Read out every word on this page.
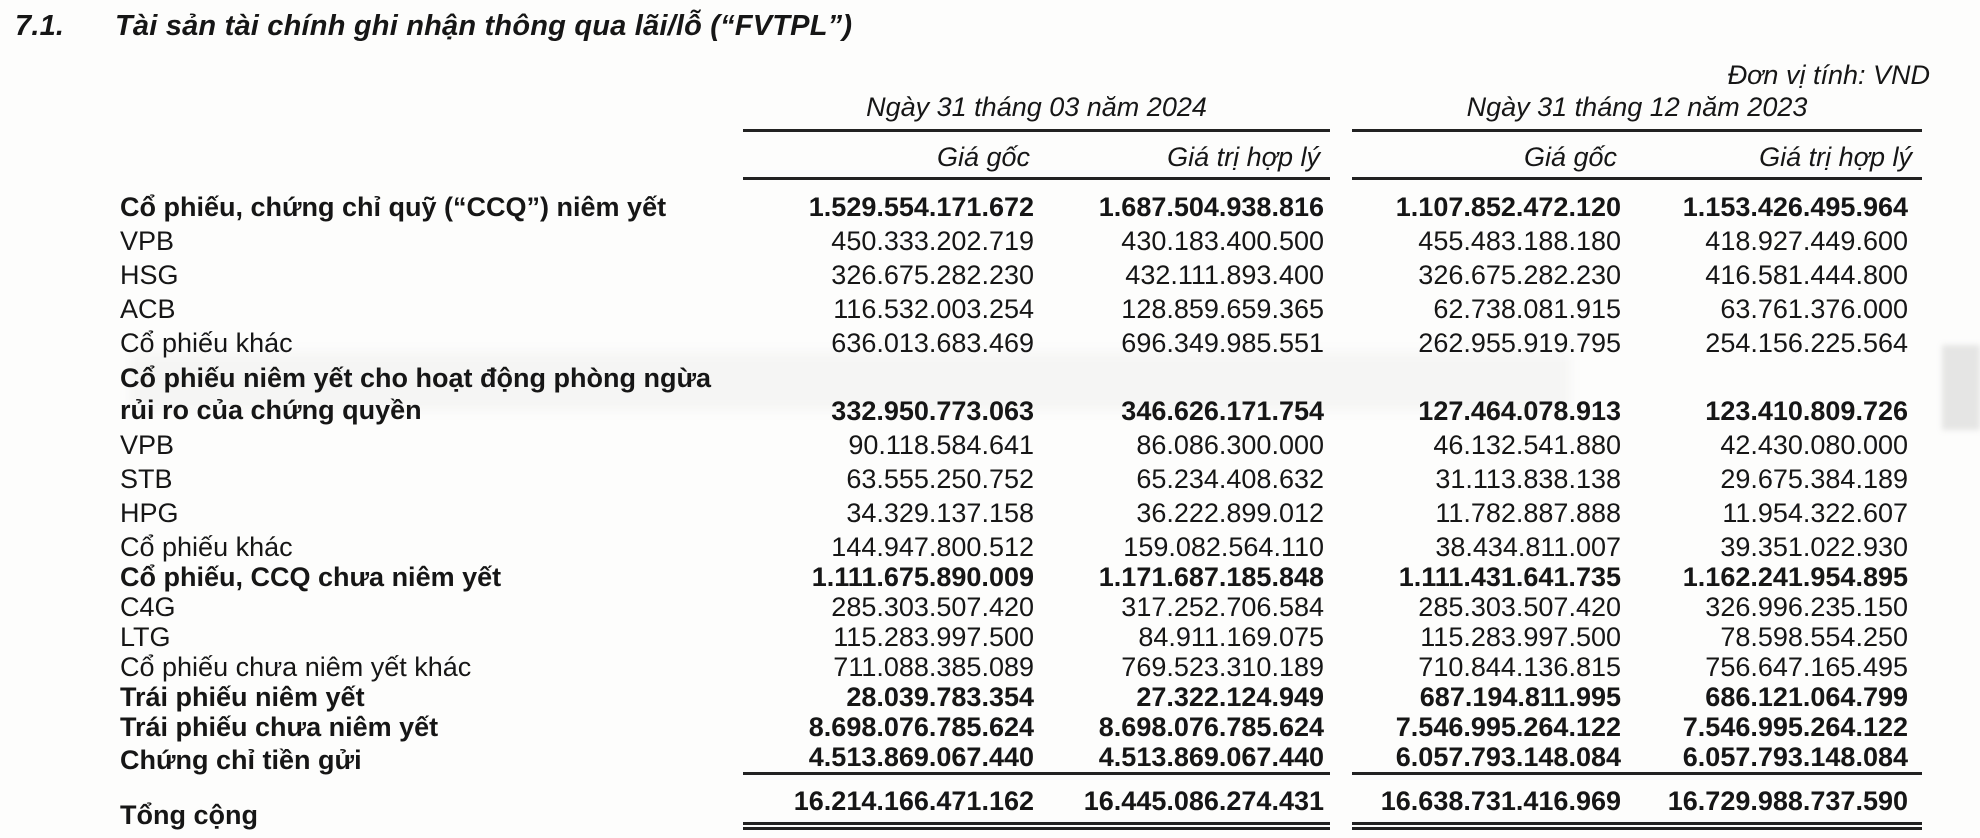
7.1.	Tài sản tài chính ghi nhận thông qua lãi/lỗ (“FVTPL”)
Đơn vị tính: VND
Ngày 31 tháng 03 năm 2024	Ngày 31 tháng 12 năm 2023
Giá gốc	Giá trị hợp lý	Giá gốc	Giá trị hợp lý
Cổ phiếu, chứng chỉ quỹ (“CCQ”) niêm yết	1.529.554.171.672	1.687.504.938.816	1.107.852.472.120	1.153.426.495.964
VPB	450.333.202.719	430.183.400.500	455.483.188.180	418.927.449.600
HSG	326.675.282.230	432.111.893.400	326.675.282.230	416.581.444.800
ACB	116.532.003.254	128.859.659.365	62.738.081.915	63.761.376.000
Cổ phiếu khác	636.013.683.469	696.349.985.551	262.955.919.795	254.156.225.564
Cổ phiếu niêm yết cho hoạt động phòng ngừa rủi ro của chứng quyền	332.950.773.063	346.626.171.754	127.464.078.913	123.410.809.726
VPB	90.118.584.641	86.086.300.000	46.132.541.880	42.430.080.000
STB	63.555.250.752	65.234.408.632	31.113.838.138	29.675.384.189
HPG	34.329.137.158	36.222.899.012	11.782.887.888	11.954.322.607
Cổ phiếu khác	144.947.800.512	159.082.564.110	38.434.811.007	39.351.022.930
Cổ phiếu, CCQ chưa niêm yết	1.111.675.890.009	1.171.687.185.848	1.111.431.641.735	1.162.241.954.895
C4G	285.303.507.420	317.252.706.584	285.303.507.420	326.996.235.150
LTG	115.283.997.500	84.911.169.075	115.283.997.500	78.598.554.250
Cổ phiếu chưa niêm yết khác	711.088.385.089	769.523.310.189	710.844.136.815	756.647.165.495
Trái phiếu niêm yết	28.039.783.354	27.322.124.949	687.194.811.995	686.121.064.799
Trái phiếu chưa niêm yết	8.698.076.785.624	8.698.076.785.624	7.546.995.264.122	7.546.995.264.122
Chứng chỉ tiền gửi	4.513.869.067.440	4.513.869.067.440	6.057.793.148.084	6.057.793.148.084
Tổng cộng	16.214.166.471.162	16.445.086.274.431	16.638.731.416.969	16.729.988.737.590
